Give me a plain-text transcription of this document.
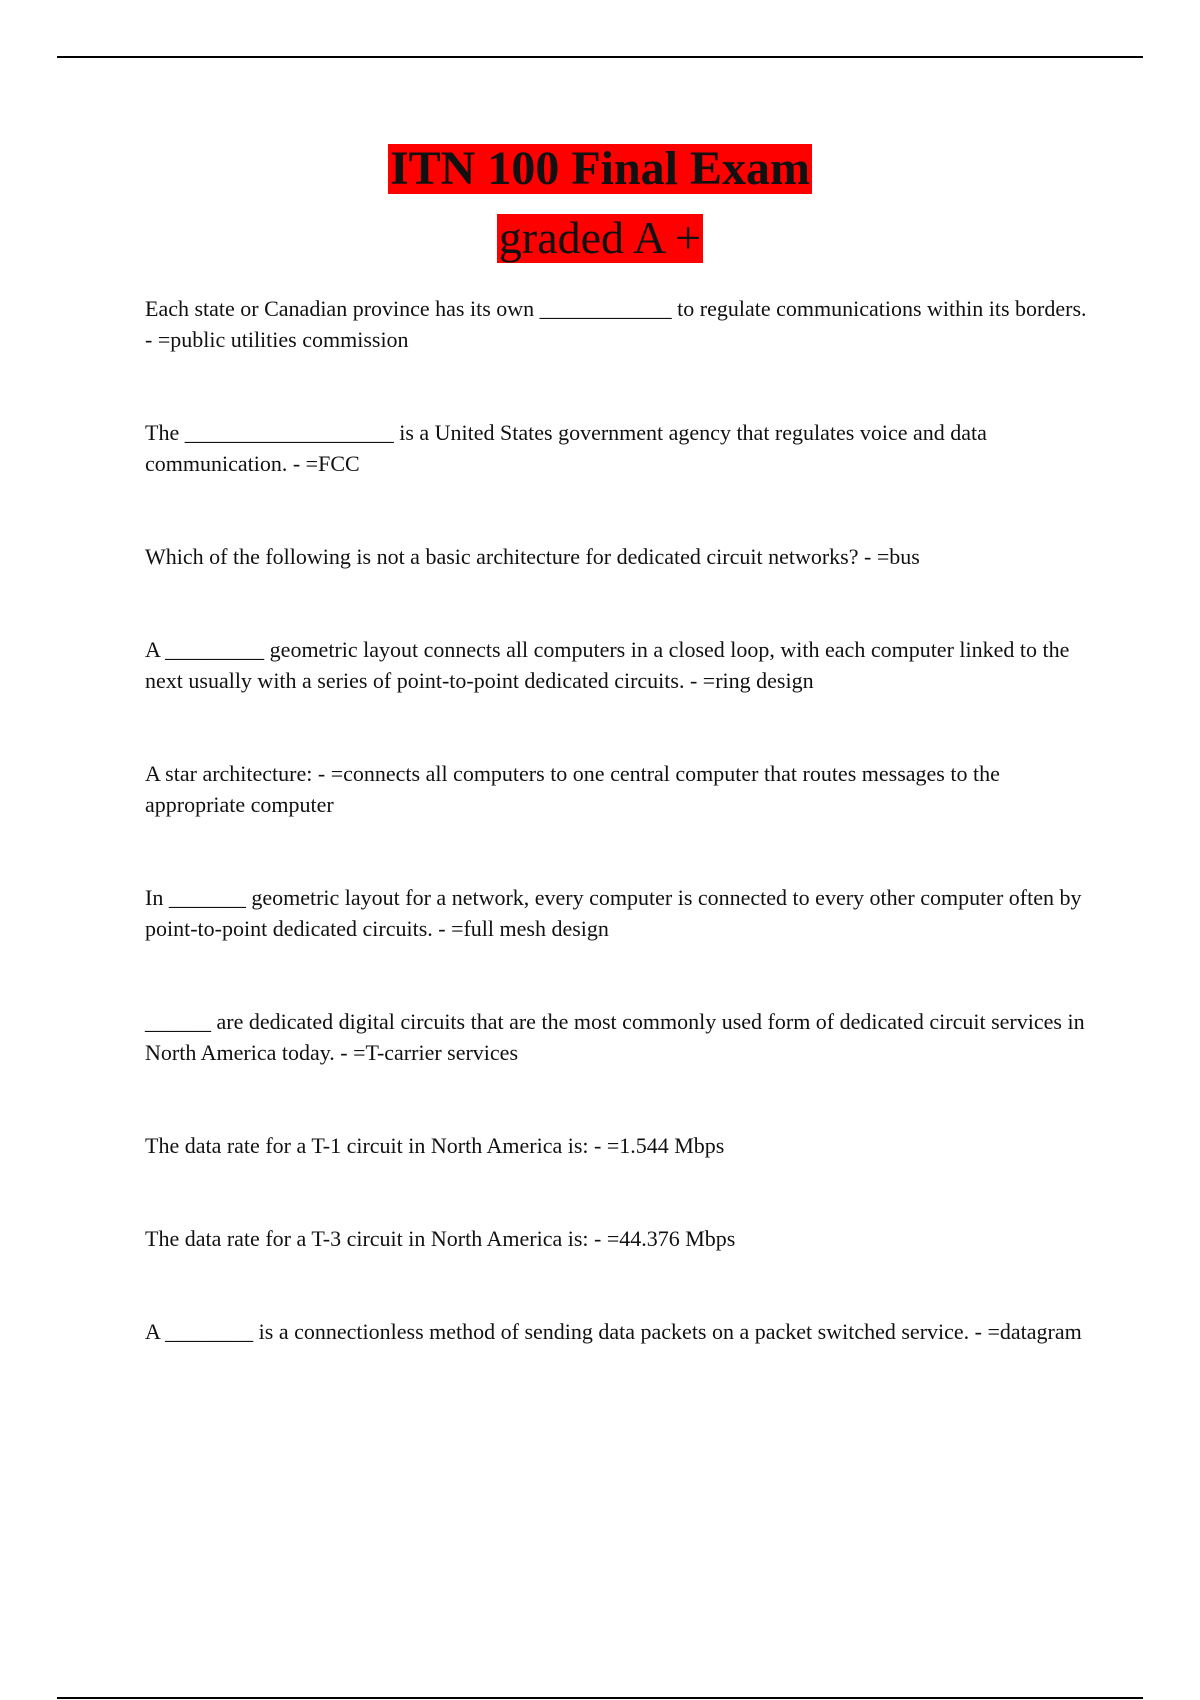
ITN 100 Final Exam
graded A +

Each state or Canadian province has its own ____________ to regulate communications within its borders. - =public utilities commission

The ___________________ is a United States government agency that regulates voice and data communication. - =FCC

Which of the following is not a basic architecture for dedicated circuit networks? - =bus

A _________ geometric layout connects all computers in a closed loop, with each computer linked to the next usually with a series of point-to-point dedicated circuits. - =ring design

A star architecture: - =connects all computers to one central computer that routes messages to the appropriate computer

In _______ geometric layout for a network, every computer is connected to every other computer often by point-to-point dedicated circuits. - =full mesh design

______ are dedicated digital circuits that are the most commonly used form of dedicated circuit services in North America today. - =T-carrier services

The data rate for a T-1 circuit in North America is: - =1.544 Mbps

The data rate for a T-3 circuit in North America is: - =44.376 Mbps

A ________ is a connectionless method of sending data packets on a packet switched service. - =datagram
